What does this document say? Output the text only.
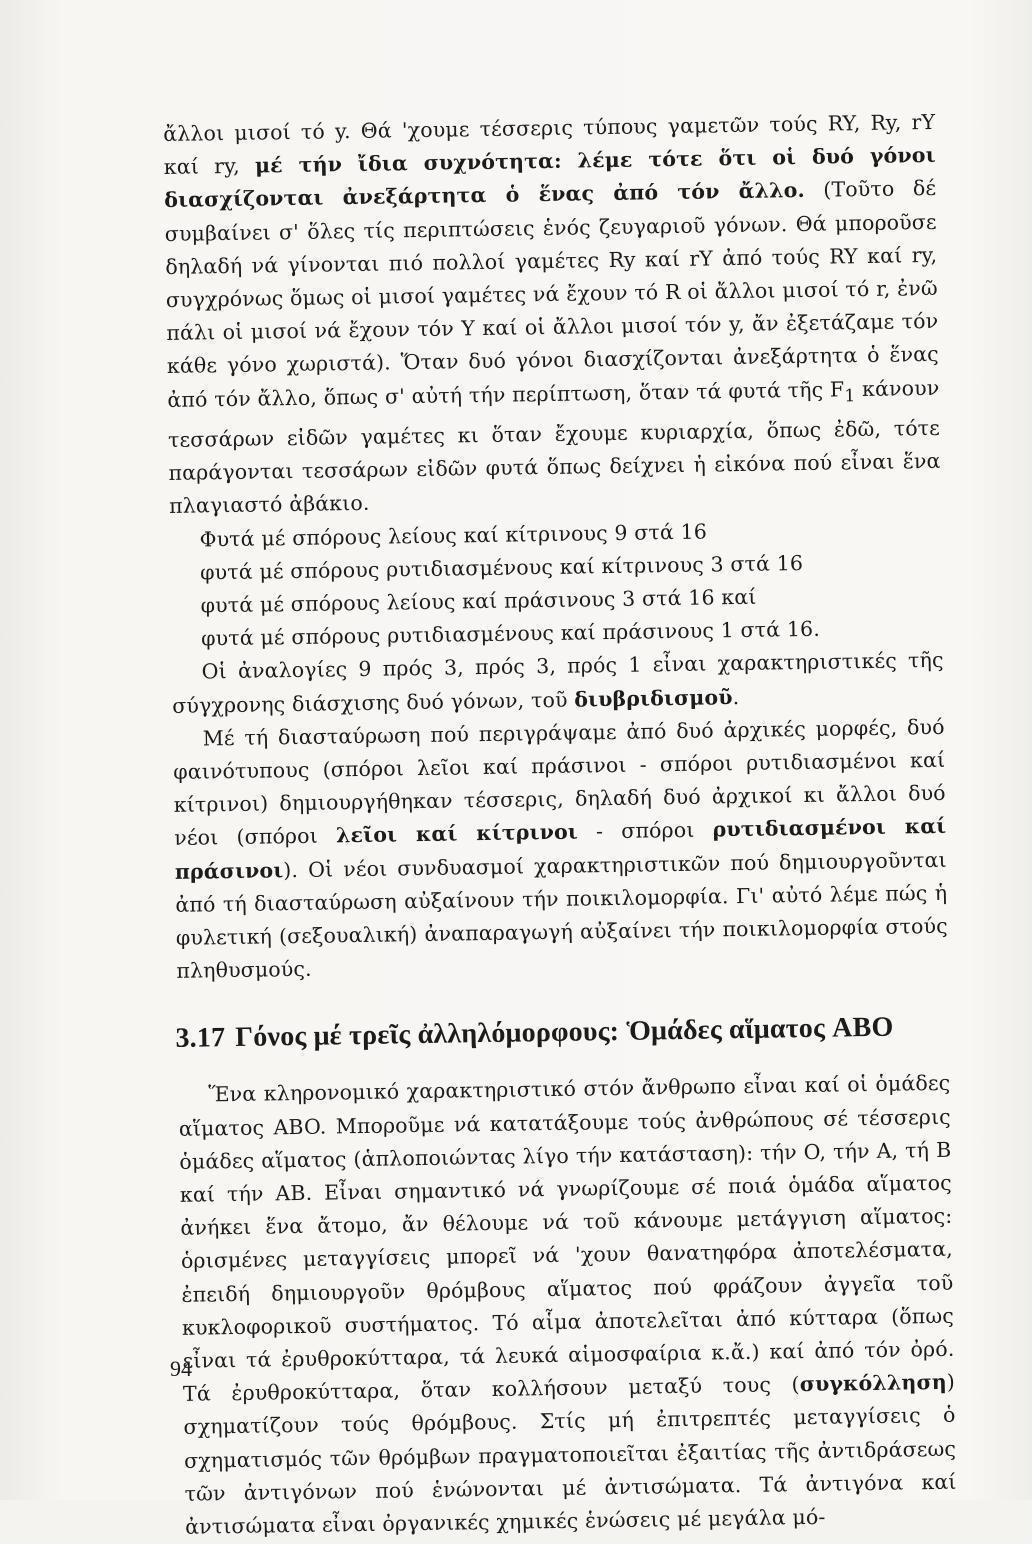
ἄλλοι μισοί τό y. Θά 'χουμε τέσσερις τύπους γαμετῶν τούς RY, Ry, rY καί ry, μέ τήν ἴδια συχνότητα: λέμε τότε ὅτι οἱ δυό γόνοι διασχίζονται ἀνεξάρτητα ὁ ἕνας ἀπό τόν ἄλλο. (Τοῦτο δέ συμβαίνει σ' ὅλες τίς περιπτώσεις ἑνός ζευγαριοῦ γόνων. Θά μποροῦσε δηλαδή νά γίνονται πιό πολλοί γαμέτες Ry καί rY ἀπό τούς RY καί ry, συγχρόνως ὅμως οἱ μισοί γαμέτες νά ἔχουν τό R οἱ ἄλλοι μισοί τό r, ἐνῶ πάλι οἱ μισοί νά ἔχουν τόν Y καί οἱ ἄλλοι μισοί τόν y, ἄν ἐξετάζαμε τόν κάθε γόνο χωριστά). Ὅταν δυό γόνοι διασχίζονται ἀνεξάρτητα ὁ ἕνας ἀπό τόν ἄλλο, ὅπως σ' αὐτή τήν περίπτωση, ὅταν τά φυτά τῆς $F_1$ κάνουν τεσσάρων εἰδῶν γαμέτες κι ὅταν ἔχουμε κυριαρχία, ὅπως ἐδῶ, τότε παράγονται τεσσάρων εἰδῶν φυτά ὅπως δείχνει ἡ εἰκόνα πού εἶναι ἕνα πλαγιαστό ἀβάκιο.

Φυτά μέ σπόρους λείους καί κίτρινους 9 στά 16

φυτά μέ σπόρους ρυτιδιασμένους καί κίτρινους 3 στά 16

φυτά μέ σπόρους λείους καί πράσινους 3 στά 16 καί

φυτά μέ σπόρους ρυτιδιασμένους καί πράσινους 1 στά 16.

Οἱ ἀναλογίες 9 πρός 3, πρός 3, πρός 1 εἶναι χαρακτηριστικές τῆς σύγχρονης διάσχισης δυό γόνων, τοῦ διυβριδισμοῦ.

Μέ τή διασταύρωση πού περιγράψαμε ἀπό δυό ἀρχικές μορφές, δυό φαινότυπους (σπόροι λεῖοι καί πράσινοι - σπόροι ρυτιδιασμένοι καί κίτρινοι) δημιουργήθηκαν τέσσερις, δηλαδή δυό ἀρχικοί κι ἄλλοι δυό νέοι (σπόροι λεῖοι καί κίτρινοι - σπόροι ρυτιδιασμένοι καί πράσινοι). Οἱ νέοι συνδυασμοί χαρακτηριστικῶν πού δημιουργοῦνται ἀπό τή διασταύρωση αὐξαίνουν τήν ποικιλομορφία. Γι' αὐτό λέμε πώς ἡ φυλετική (σεξουαλική) ἀναπαραγωγή αὐξαίνει τήν ποικιλομορφία στούς πληθυσμούς.

3.17 Γόνος μέ τρεῖς ἀλληλόμορφους: Ὁμάδες αἵματος ABO

Ἕνα κληρονομικό χαρακτηριστικό στόν ἄνθρωπο εἶναι καί οἱ ὁμάδες αἵματος ABO. Μποροῦμε νά κατατάξουμε τούς ἀνθρώπους σέ τέσσερις ὁμάδες αἵματος (ἁπλοποιώντας λίγο τήν κατάσταση): τήν O, τήν A, τή B καί τήν AB. Εἶναι σημαντικό νά γνωρίζουμε σέ ποιά ὁμάδα αἵματος ἀνήκει ἕνα ἄτομο, ἄν θέλουμε νά τοῦ κάνουμε μετάγγιση αἵματος: ὁρισμένες μεταγγίσεις μπορεῖ νά 'χουν θανατηφόρα ἀποτελέσματα, ἐπειδή δημιουργοῦν θρόμβους αἵματος πού φράζουν ἀγγεῖα τοῦ κυκλοφορικοῦ συστήματος. Τό αἷμα ἀποτελεῖται ἀπό κύτταρα (ὅπως εἶναι τά ἐρυθροκύτταρα, τά λευκά αἱμοσφαίρια κ.ἄ.) καί ἀπό τόν ὀρό. Τά ἐρυθροκύτταρα, ὅταν κολλήσουν μεταξύ τους (συγκόλληση) σχηματίζουν τούς θρόμβους. Στίς μή ἐπιτρεπτές μεταγγίσεις ὁ σχηματισμός τῶν θρόμβων πραγματοποιεῖται ἐξαιτίας τῆς ἀντιδράσεως τῶν ἀντιγόνων πού ἑνώνονται μέ ἀντισώματα. Τά ἀντιγόνα καί ἀντισώματα εἶναι ὀργανικές χημικές ἑνώσεις μέ μεγάλα μό-

94
